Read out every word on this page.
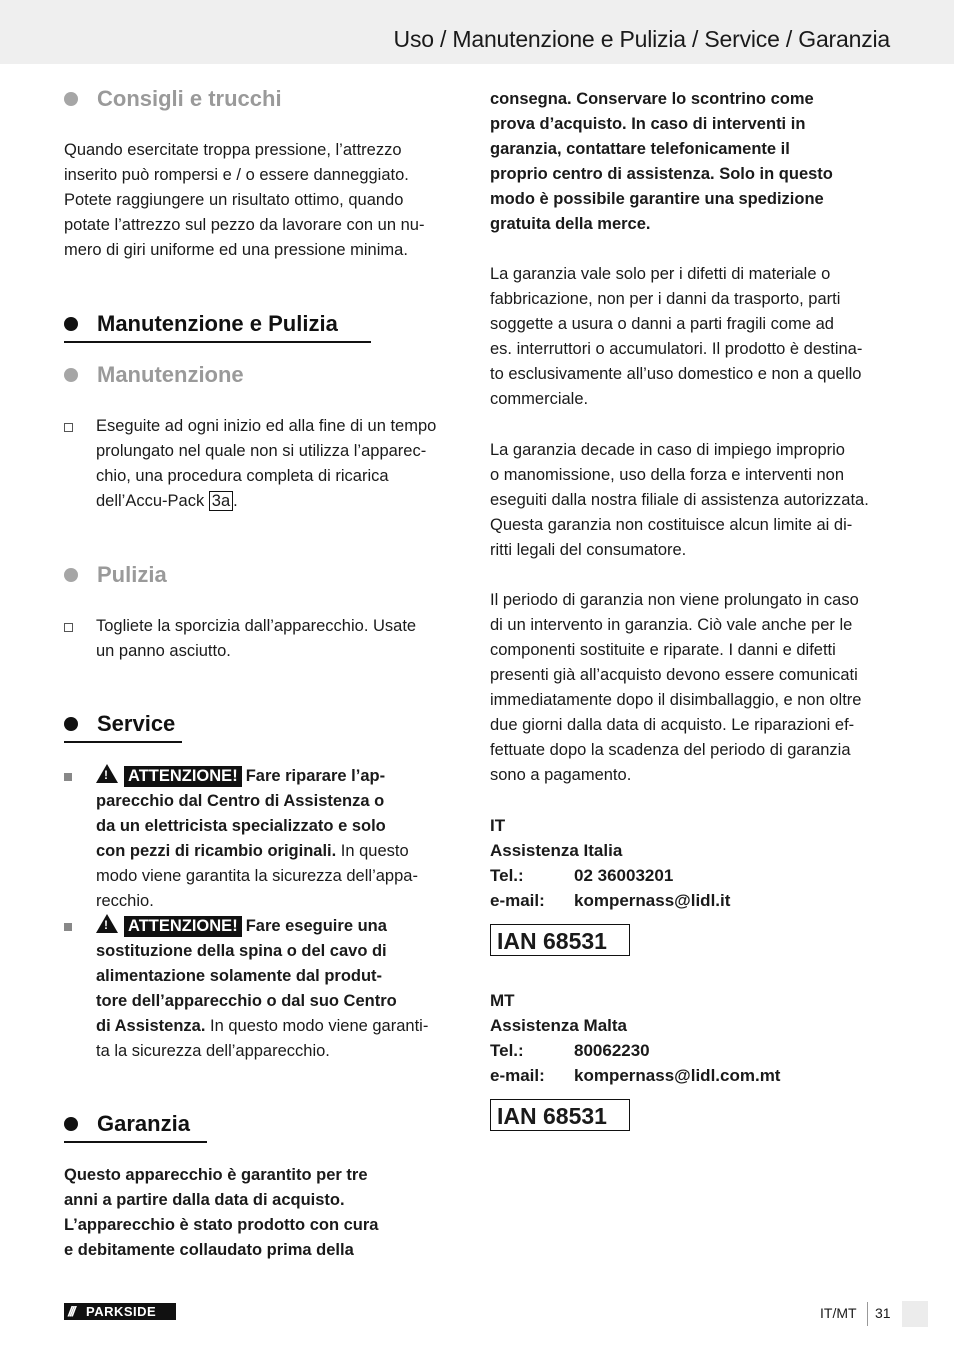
Uso / Manutenzione e Pulizia / Service / Garanzia
Consigli e trucchi
Quando esercitate troppa pressione, l’attrezzo
inserito può rompersi e / o essere danneggiato.
Potete raggiungere un risultato ottimo, quando
potate l’attrezzo sul pezzo da lavorare con un nu-
mero di giri uniforme ed una pressione minima.
Manutenzione e Pulizia
Manutenzione
Eseguite ad ogni inizio ed alla fine di un tempo
prolungato nel quale non si utilizza l’apparec-
chio, una procedura completa di ricarica
dell’Accu-Pack 3a .
Pulizia
Togliete la sporcizia dall’apparecchio. Usate
un panno asciutto.
Service
! ATTENZIONE! Fare riparare l’ap-
parecchio dal Centro di Assistenza o
da un elettricista specializzato e solo
con pezzi di ricambio originali. In questo
modo viene garantita la sicurezza dell’appa-
recchio.
! ATTENZIONE! Fare eseguire una
sostituzione della spina o del cavo di
alimentazione solamente dal produt-
tore dell’apparecchio o dal suo Centro
di Assistenza. In questo modo viene garanti-
ta la sicurezza dell’apparecchio.
Garanzia
Questo apparecchio è garantito per tre
anni a partire dalla data di acquisto.
L’apparecchio è stato prodotto con cura
e debitamente collaudato prima della
consegna. Conservare lo scontrino come
prova d’acquisto. In caso di interventi in
garanzia, contattare telefonicamente il
proprio centro di assistenza. Solo in questo
modo è possibile garantire una spedizione
gratuita della merce.
La garanzia vale solo per i difetti di materiale o
fabbricazione, non per i danni da trasporto, parti
soggette a usura o danni a parti fragili come ad
es. interruttori o accumulatori. Il prodotto è destina-
to esclusivamente all’uso domestico e non a quello
commerciale.
La garanzia decade in caso di impiego improprio
o manomissione, uso della forza e interventi non
eseguiti dalla nostra filiale di assistenza autorizzata.
Questa garanzia non costituisce alcun limite ai di-
ritti legali del consumatore.
Il periodo di garanzia non viene prolungato in caso
di un intervento in garanzia. Ciò vale anche per le
componenti sostituite e riparate. I danni e difetti
presenti già all’acquisto devono essere comunicati
immediatamente dopo il disimballaggio, e non oltre
due giorni dalla data di acquisto. Le riparazioni ef-
fettuate dopo la scadenza del periodo di garanzia
sono a pagamento.
IT
Assistenza Italia
Tel.:	02 36003201
e-mail: kompernass@lidl.it
IAN 68531
MT
Assistenza Malta
Tel.:	80062230
e-mail: kompernass@lidl.com.mt
IAN 68531
/// PARKSIDE	IT/MT 31
